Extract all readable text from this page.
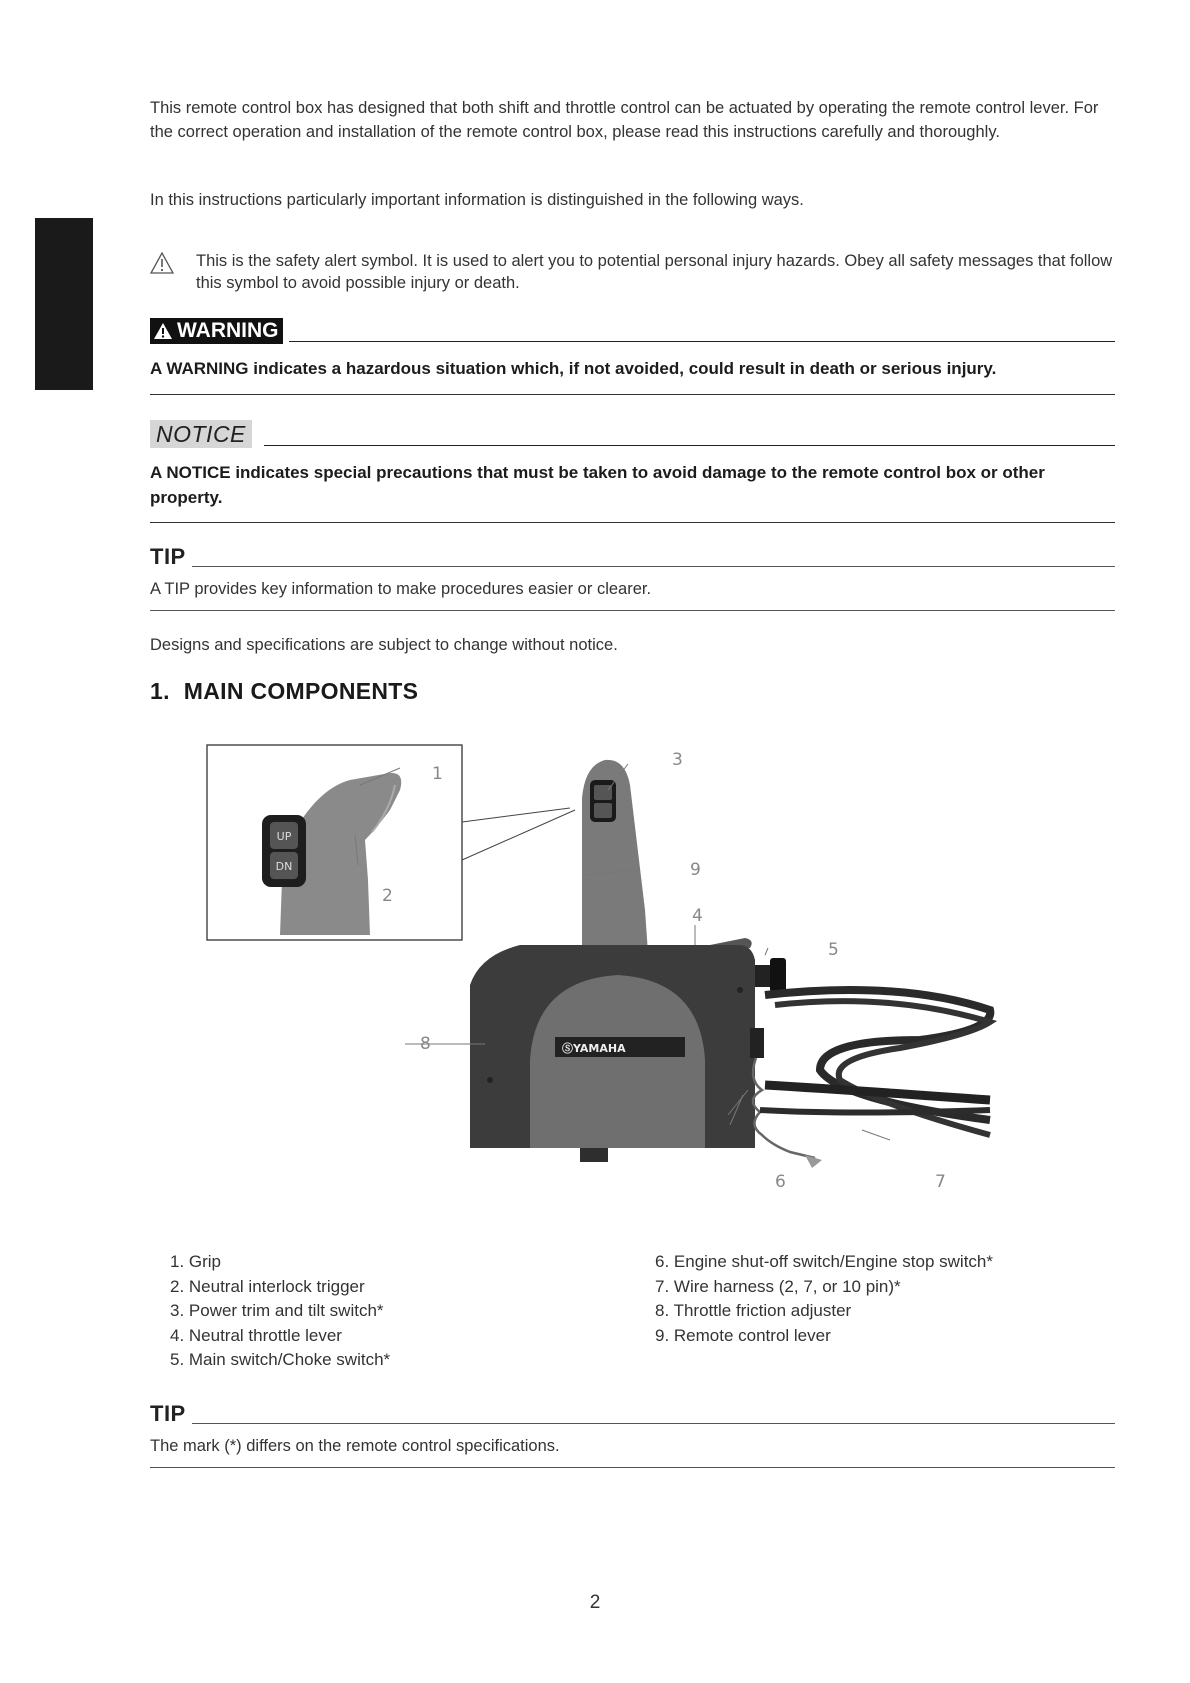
This remote control box has designed that both shift and throttle control can be actuated by operating the remote control lever. For the correct operation and installation of the remote control box, please read this instructions carefully and thoroughly.

In this instructions particularly important information is distinguished in the following ways.

This is the safety alert symbol. It is used to alert you to potential personal injury hazards. Obey all safety messages that follow this symbol to avoid possible injury or death.
WARNING
A WARNING indicates a hazardous situation which, if not avoided, could result in death or serious injury.
NOTICE
A NOTICE indicates special precautions that must be taken to avoid damage to the remote control box or other property.
TIP

A TIP provides key information to make procedures easier or clearer.

Designs and specifications are subject to change without notice.

1. MAIN COMPONENTS
UP
DN
ⓈYAMAHA
1
2
3
4
5
6	7
8
9
1. Grip
2. Neutral interlock trigger
3. Power trim and tilt switch*
4. Neutral throttle lever
5. Main switch/Choke switch*
6. Engine shut-off switch/Engine stop switch*
7. Wire harness (2, 7, or 10 pin)*
8. Throttle friction adjuster
9. Remote control lever
TIP

The mark (*) differs on the remote control specifications.

2
